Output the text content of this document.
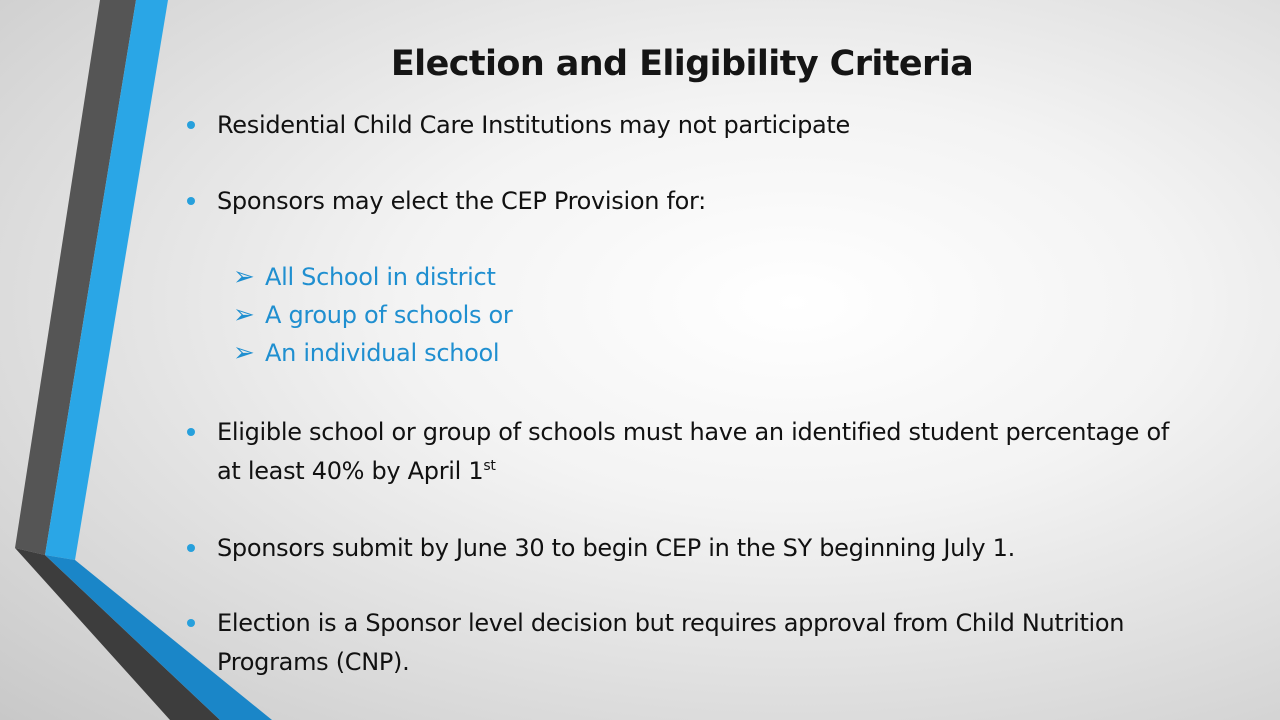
Election and Eligibility Criteria
Residential Child Care Institutions may not participate
Sponsors may elect the CEP Provision for:
➢ All School in district
➢ A group of schools or
➢ An individual school
Eligible school or group of schools must have an identified student percentage of at least 40% by April 1st
Sponsors submit by June 30 to begin CEP in the SY beginning July 1.
Election is a Sponsor level decision but requires approval from Child Nutrition Programs (CNP).
